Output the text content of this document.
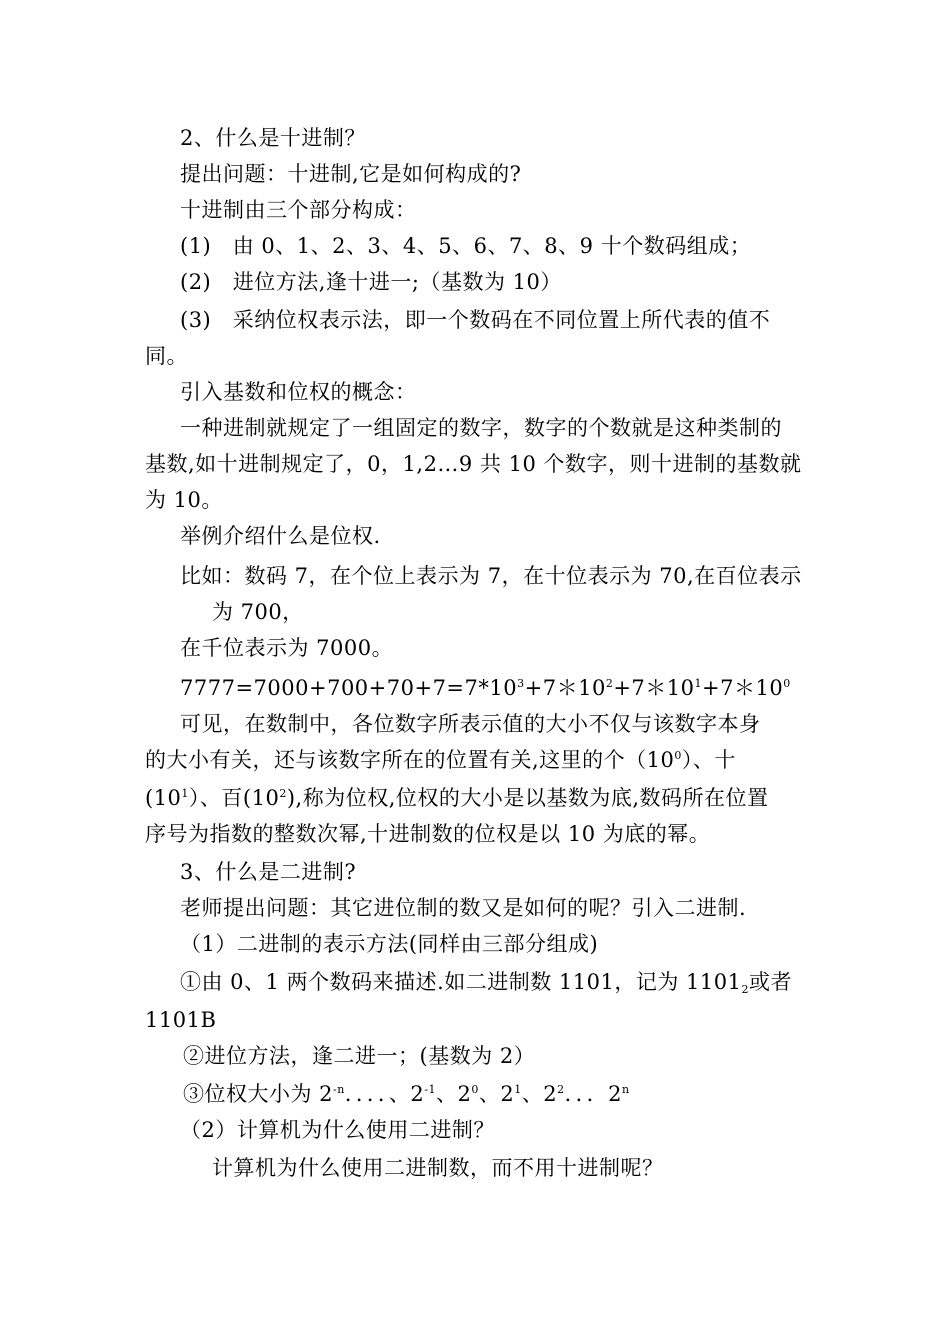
2、什么是十进制？
提出问题：十进制,它是如何构成的?
十进制由三个部分构成：
(1)　由 0、1、2、3、4、5、6、7、8、9 十个数码组成；
(2)　进位方法,逢十进一;（基数为 10）
(3)　采纳位权表示法，即一个数码在不同位置上所代表的值不
同。
引入基数和位权的概念：
一种进制就规定了一组固定的数字，数字的个数就是这种类制的
基数,如十进制规定了，0，1,2…9 共 10 个数字，则十进制的基数就
为 10。
举例介绍什么是位权.
比如：数码 7，在个位上表示为 7，在十位表示为 70,在百位表示
为 700，
在千位表示为 7000。
$7777=7000+700+70+7=7*10^3+7*10^2+7*10^1+7*10^0$
可见，在数制中，各位数字所表示值的大小不仅与该数字本身
的大小有关，还与该数字所在的位置有关,这里的个$(10^0)$、十
$(10^1)$、百$(10^2)$,称为位权,位权的大小是以基数为底,数码所在位置
序号为指数的整数次幂,十进制数的位权是以 10 为底的幂。
3、什么是二进制?
老师提出问题：其它进位制的数又是如何的呢？引入二进制.
（1）二进制的表示方法(同样由三部分组成)
①由 0、1 两个数码来描述.如二进制数 1101，记为 $1101_2$或者
1101B
②进位方法，逢二进一；(基数为 2）
③位权大小为 $2^{-n}$．．．．、$2^{-1}$、$2^0$、$2^1$、$2^2$．．．2$^n$
（2）计算机为什么使用二进制？
计算机为什么使用二进制数，而不用十进制呢？
